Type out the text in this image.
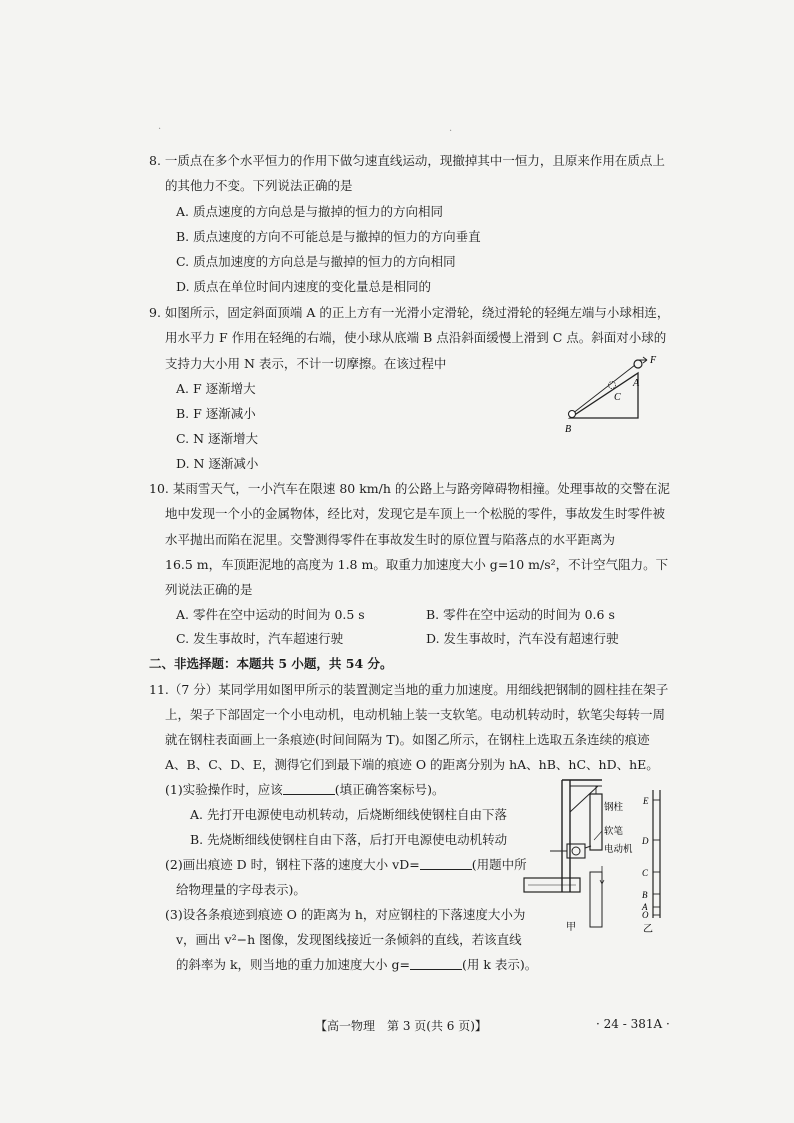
·	·
8. 一质点在多个水平恒力的作用下做匀速直线运动，现撤掉其中一恒力，且原来作用在质点上
的其他力不变。下列说法正确的是
A. 质点速度的方向总是与撤掉的恒力的方向相同
B. 质点速度的方向不可能总是与撤掉的恒力的方向垂直
C. 质点加速度的方向总是与撤掉的恒力的方向相同
D. 质点在单位时间内速度的变化量总是相同的
9. 如图所示，固定斜面顶端 A 的正上方有一光滑小定滑轮，绕过滑轮的轻绳左端与小球相连，
用水平力 F 作用在轻绳的右端，使小球从底端 B 点沿斜面缓慢上滑到 C 点。斜面对小球的
支持力大小用 N 表示，不计一切摩擦。在该过程中
A. F 逐渐增大
B. F 逐渐减小
C. N 逐渐增大
D. N 逐渐减小
F
A
C
B
10. 某雨雪天气，一小汽车在限速 80 km/h 的公路上与路旁障碍物相撞。处理事故的交警在泥
地中发现一个小的金属物体，经比对，发现它是车顶上一个松脱的零件，事故发生时零件被
水平抛出而陷在泥里。交警测得零件在事故发生时的原位置与陷落点的水平距离为
16.5 m，车顶距泥地的高度为 1.8 m。取重力加速度大小 g=10 m/s²，不计空气阻力。下
列说法正确的是
A. 零件在空中运动的时间为 0.5 s	B. 零件在空中运动的时间为 0.6 s
C. 发生事故时，汽车超速行驶	D. 发生事故时，汽车没有超速行驶
二、非选择题：本题共 5 小题，共 54 分。
11.（7 分）某同学用如图甲所示的装置测定当地的重力加速度。用细线把钢制的圆柱挂在架子
上，架子下部固定一个小电动机，电动机轴上装一支软笔。电动机转动时，软笔尖每转一周
就在钢柱表面画上一条痕迹(时间间隔为 T)。如图乙所示，在钢柱上选取五条连续的痕迹
A、B、C、D、E，测得它们到最下端的痕迹 O 的距离分别为 hA、hB、hC、hD、hE。
(1)实验操作时，应该	(填正确答案标号)。
A. 先打开电源使电动机转动，后烧断细线使钢柱自由下落
B. 先烧断细线使钢柱自由下落，后打开电源使电动机转动
(2)画出痕迹 D 时，钢柱下落的速度大小 vD=	(用题中所
给物理量的字母表示)。
(3)设各条痕迹到痕迹 O 的距离为 h，对应钢柱的下落速度大小为
v，画出 v²−h 图像，发现图线接近一条倾斜的直线，若该直线
的斜率为 k，则当地的重力加速度大小 g=	(用 k 表示)。
钢柱
软笔
电动机
甲
E
D
C
B
A
O
乙
【高一物理　第 3 页(共 6 页)】	· 24 - 381A ·
